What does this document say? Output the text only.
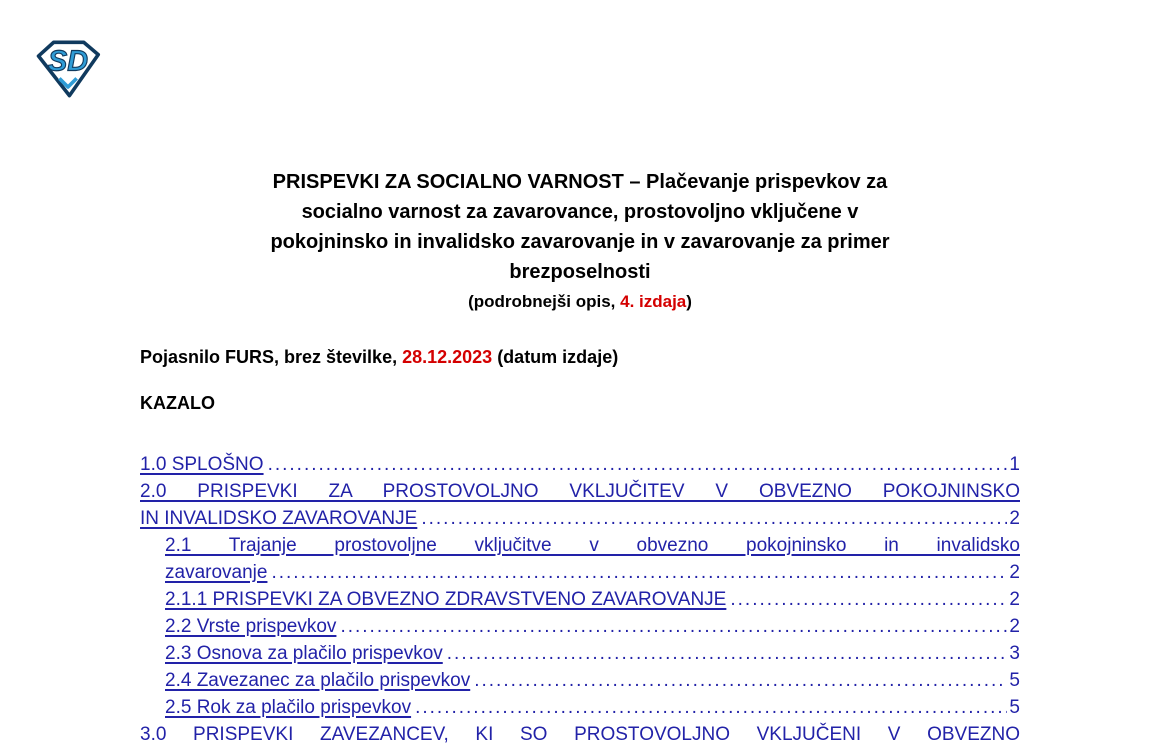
SD
PRISPEVKI ZA SOCIALNO VARNOST – Plačevanje prispevkov za
socialno varnost za zavarovance, prostovoljno vključene v
pokojninsko in invalidsko zavarovanje in v zavarovanje za primer
brezposelnosti
(podrobnejši opis, 4. izdaja)
Pojasnilo FURS, brez številke, 28.12.2023 (datum izdaje)
KAZALO
1.0 SPLOŠNO .....	1
2.0 PRISPEVKI ZA PROSTOVOLJNO VKLJUČITEV V OBVEZNO POKOJNINSKO
IN INVALIDSKO ZAVAROVANJE .....	2
2.1 Trajanje prostovoljne vključitve v obvezno pokojninsko in invalidsko
zavarovanje .....	2
2.1.1 PRISPEVKI ZA OBVEZNO ZDRAVSTVENO ZAVAROVANJE .....	2
2.2 Vrste prispevkov .....	2
2.3 Osnova za plačilo prispevkov .....	3
2.4 Zavezanec za plačilo prispevkov .....	5
2.5 Rok za plačilo prispevkov .....	5
3.0 PRISPEVKI ZAVEZANCEV, KI SO PROSTOVOLJNO VKLJUČENI V OBVEZNO
